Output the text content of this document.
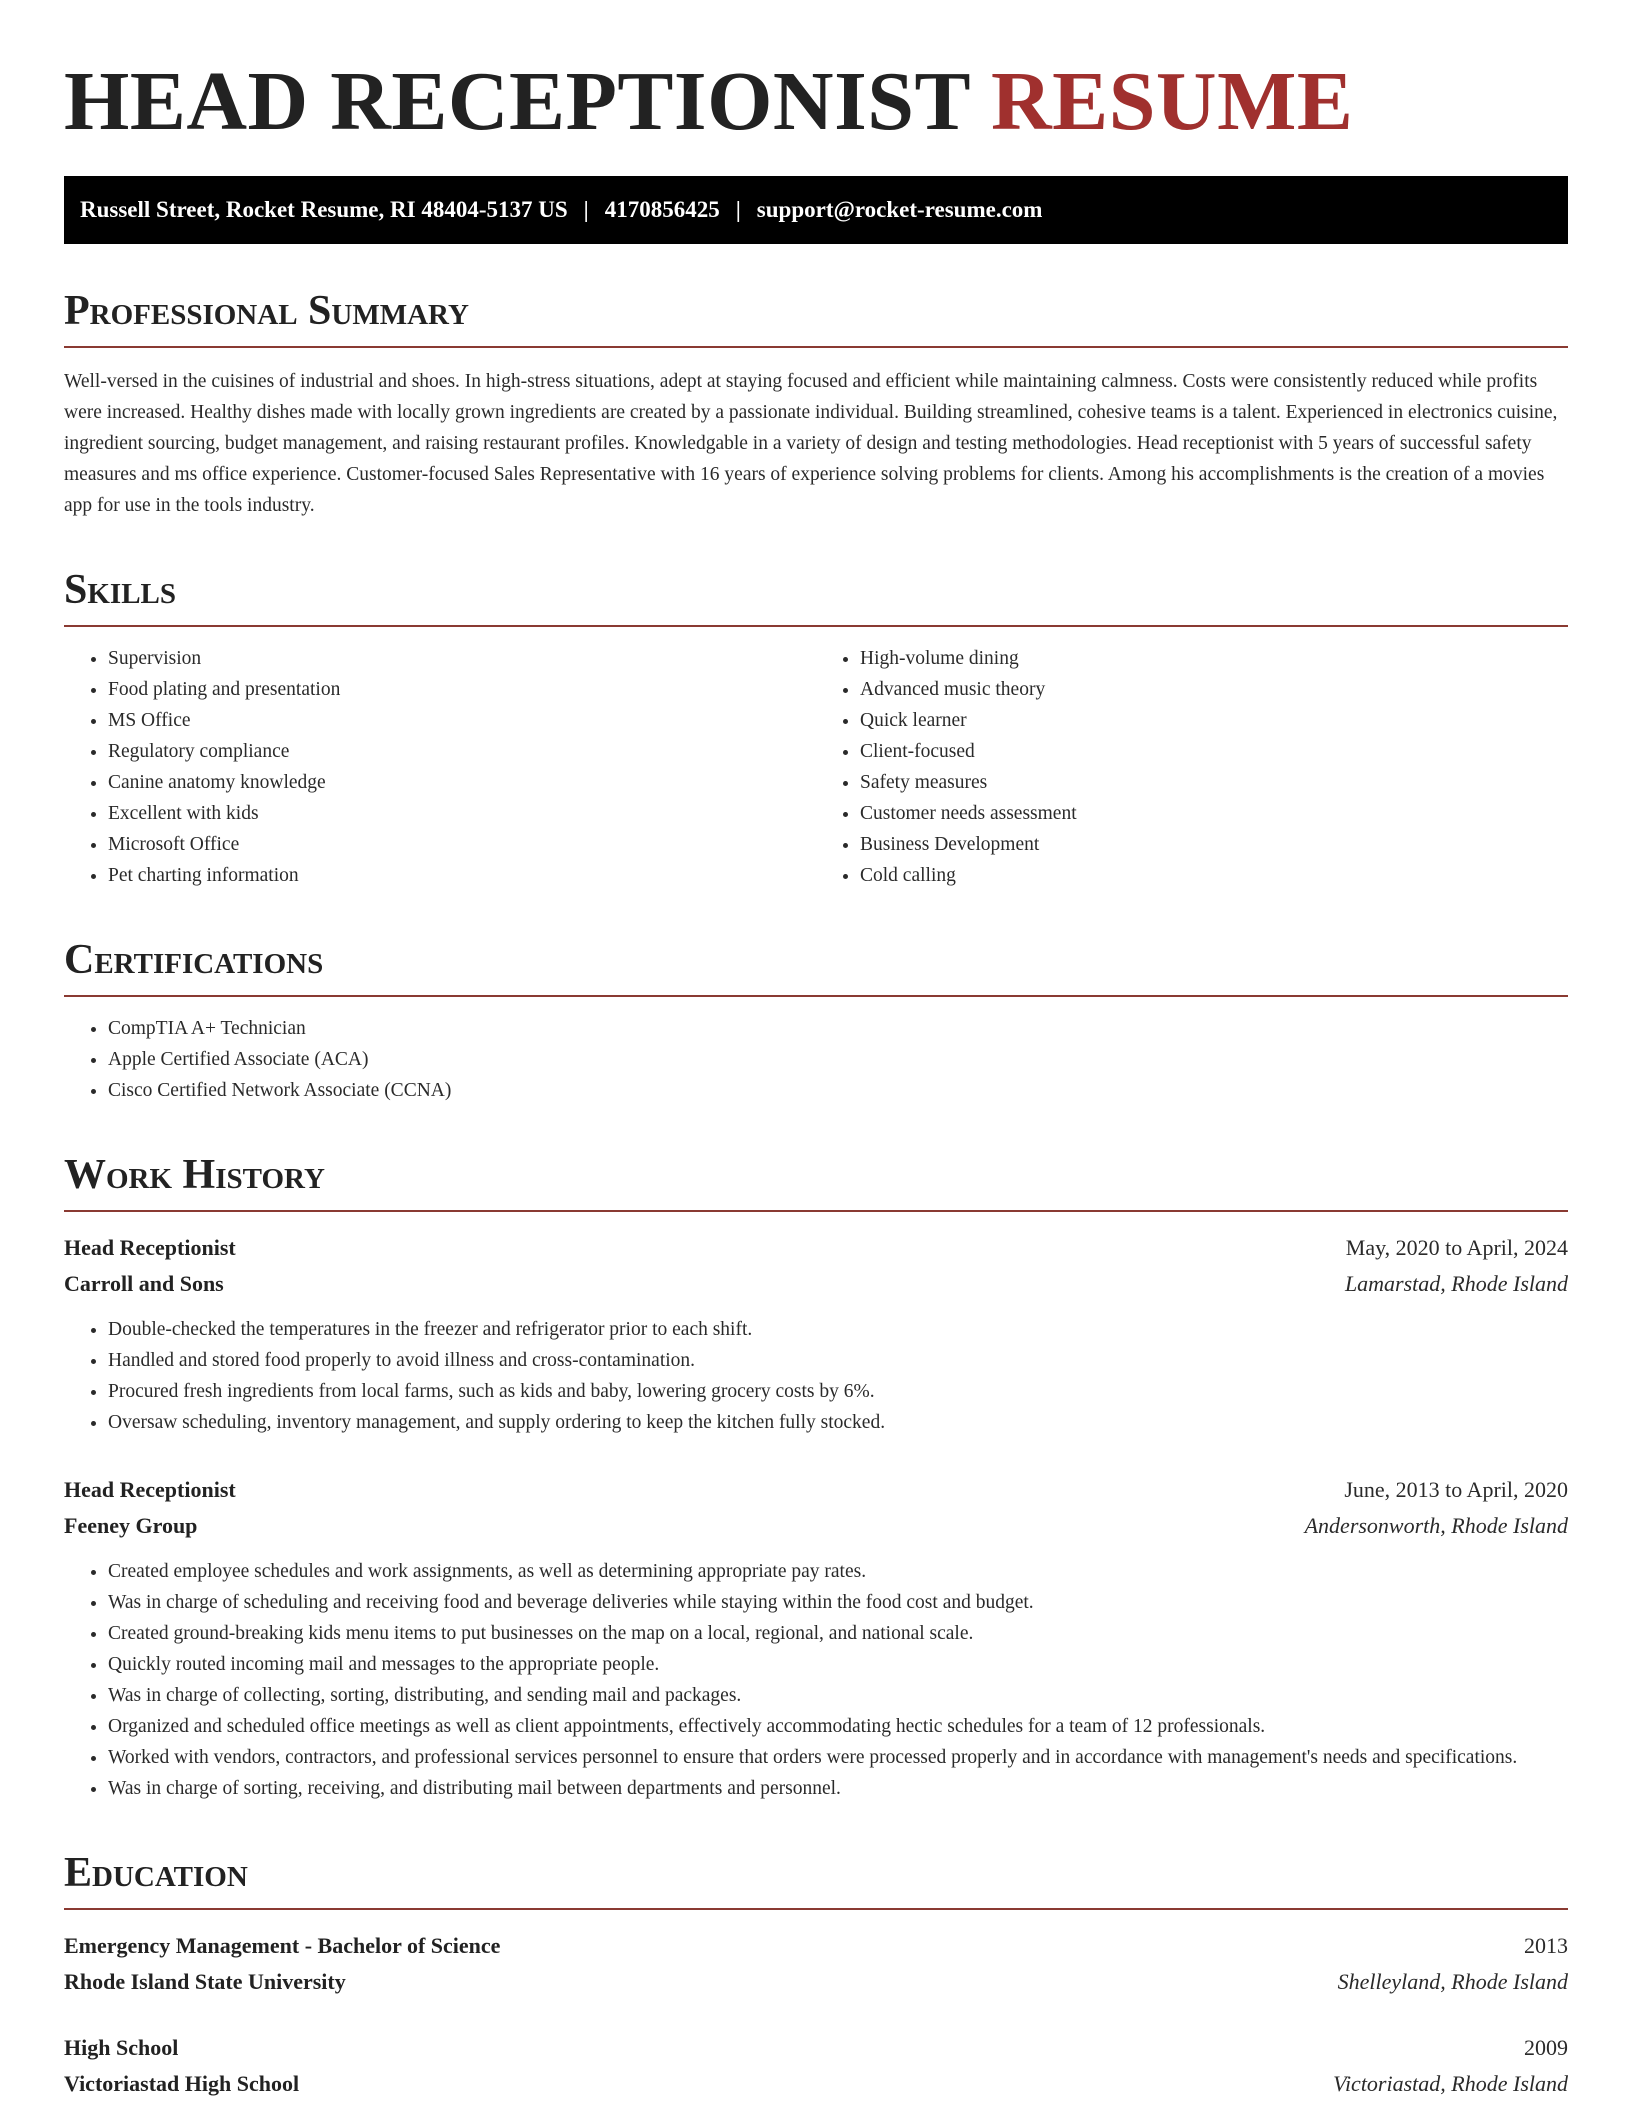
HEAD RECEPTIONIST RESUME
Russell Street, Rocket Resume, RI 48404-5137 US | 4170856425 | support@rocket-resume.com
Professional Summary

Well-versed in the cuisines of industrial and shoes. In high-stress situations, adept at staying focused and efficient while maintaining calmness. Costs were consistently reduced while profits were increased. Healthy dishes made with locally grown ingredients are created by a passionate individual. Building streamlined, cohesive teams is a talent. Experienced in electronics cuisine, ingredient sourcing, budget management, and raising restaurant profiles. Knowledgable in a variety of design and testing methodologies. Head receptionist with 5 years of successful safety measures and ms office experience. Customer-focused Sales Representative with 16 years of experience solving problems for clients. Among his accomplishments is the creation of a movies app for use in the tools industry.

Skills
• Supervision
• Food plating and presentation
• MS Office
• Regulatory compliance
• Canine anatomy knowledge
• Excellent with kids
• Microsoft Office
• Pet charting information
• High-volume dining
• Advanced music theory
• Quick learner
• Client-focused
• Safety measures
• Customer needs assessment
• Business Development
• Cold calling
Certifications
• CompTIA A+ Technician
• Apple Certified Associate (ACA)
• Cisco Certified Network Associate (CCNA)
Work History
Head Receptionist	May, 2020 to April, 2024
Carroll and Sons	Lamarstad, Rhode Island
• Double-checked the temperatures in the freezer and refrigerator prior to each shift.
• Handled and stored food properly to avoid illness and cross-contamination.
• Procured fresh ingredients from local farms, such as kids and baby, lowering grocery costs by 6%.
• Oversaw scheduling, inventory management, and supply ordering to keep the kitchen fully stocked.
Head Receptionist	June, 2013 to April, 2020
Feeney Group	Andersonworth, Rhode Island
• Created employee schedules and work assignments, as well as determining appropriate pay rates.
• Was in charge of scheduling and receiving food and beverage deliveries while staying within the food cost and budget.
• Created ground-breaking kids menu items to put businesses on the map on a local, regional, and national scale.
• Quickly routed incoming mail and messages to the appropriate people.
• Was in charge of collecting, sorting, distributing, and sending mail and packages.
• Organized and scheduled office meetings as well as client appointments, effectively accommodating hectic schedules for a team of 12 professionals.
• Worked with vendors, contractors, and professional services personnel to ensure that orders were processed properly and in accordance with management's needs and specifications.
• Was in charge of sorting, receiving, and distributing mail between departments and personnel.
Education
Emergency Management - Bachelor of Science	2013
Rhode Island State University	Shelleyland, Rhode Island
High School	2009
Victoriastad High School	Victoriastad, Rhode Island
